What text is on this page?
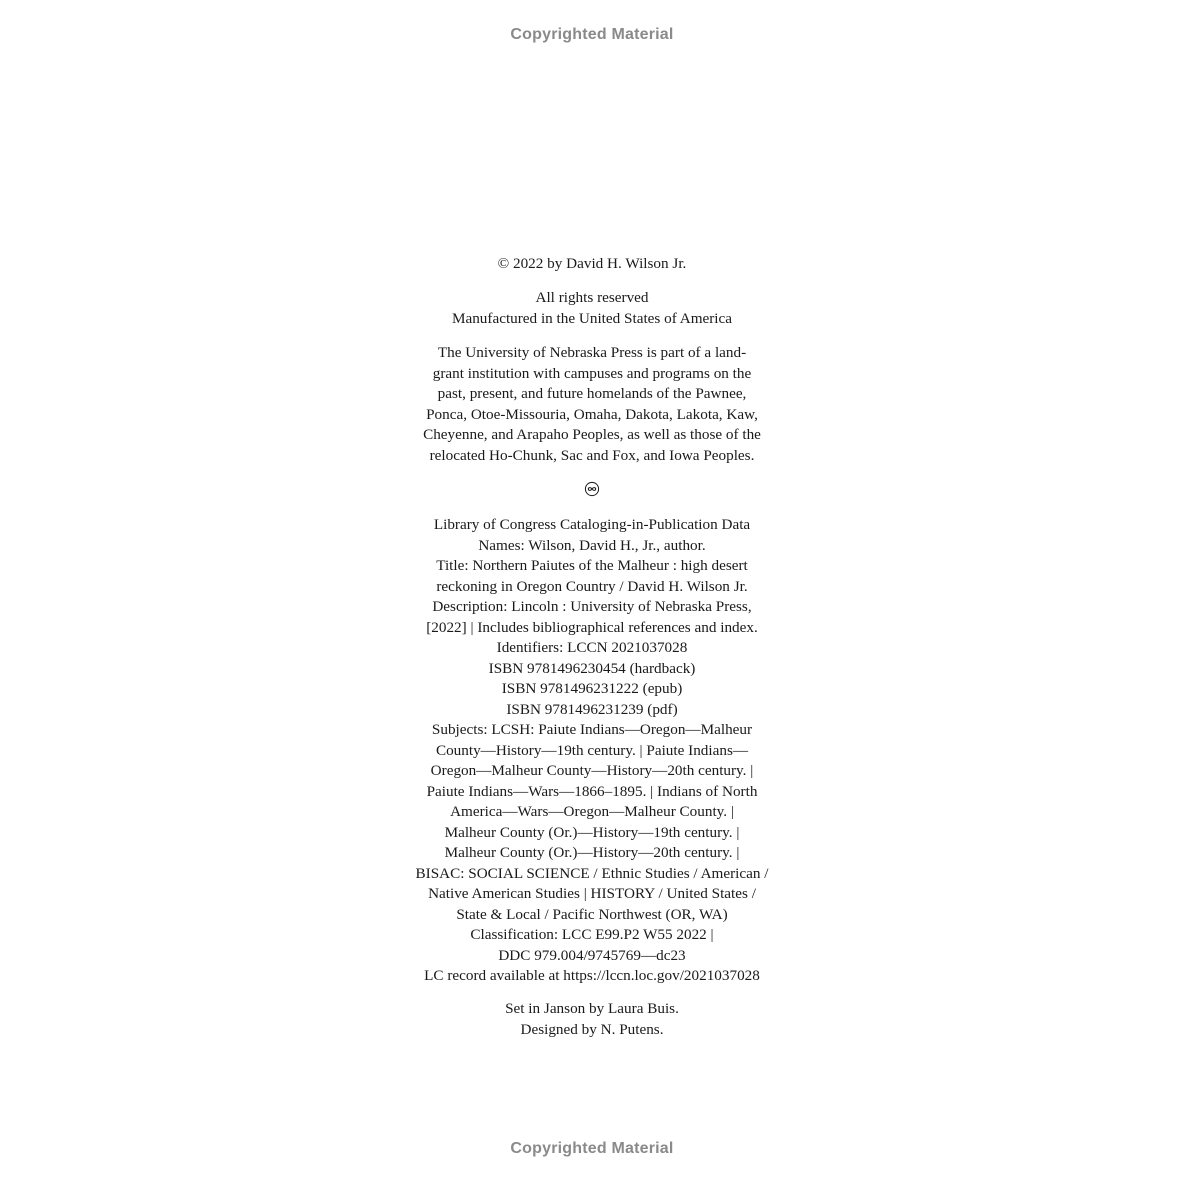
Copyrighted Material
© 2022 by David H. Wilson Jr.
All rights reserved
Manufactured in the United States of America
The University of Nebraska Press is part of a land-
grant institution with campuses and programs on the
past, present, and future homelands of the Pawnee,
Ponca, Otoe-Missouria, Omaha, Dakota, Lakota, Kaw,
Cheyenne, and Arapaho Peoples, as well as those of the
relocated Ho-Chunk, Sac and Fox, and Iowa Peoples.
Library of Congress Cataloging-in-Publication Data
Names: Wilson, David H., Jr., author.
Title: Northern Paiutes of the Malheur : high desert
reckoning in Oregon Country / David H. Wilson Jr.
Description: Lincoln : University of Nebraska Press,
[2022] | Includes bibliographical references and index.
Identifiers: LCCN 2021037028
ISBN 9781496230454 (hardback)
ISBN 9781496231222 (epub)
ISBN 9781496231239 (pdf)
Subjects: LCSH: Paiute Indians—Oregon—Malheur
County—History—19th century. | Paiute Indians—
Oregon—Malheur County—History—20th century. |
Paiute Indians—Wars—1866–1895. | Indians of North
America—Wars—Oregon—Malheur County. |
Malheur County (Or.)—History—19th century. |
Malheur County (Or.)—History—20th century. |
BISAC: SOCIAL SCIENCE / Ethnic Studies / American /
Native American Studies | HISTORY / United States /
State & Local / Pacific Northwest (OR, WA)
Classification: LCC E99.P2 W55 2022 |
DDC 979.004/9745769—dc23
LC record available at https://lccn.loc.gov/2021037028
Set in Janson by Laura Buis.
Designed by N. Putens.
Copyrighted Material
